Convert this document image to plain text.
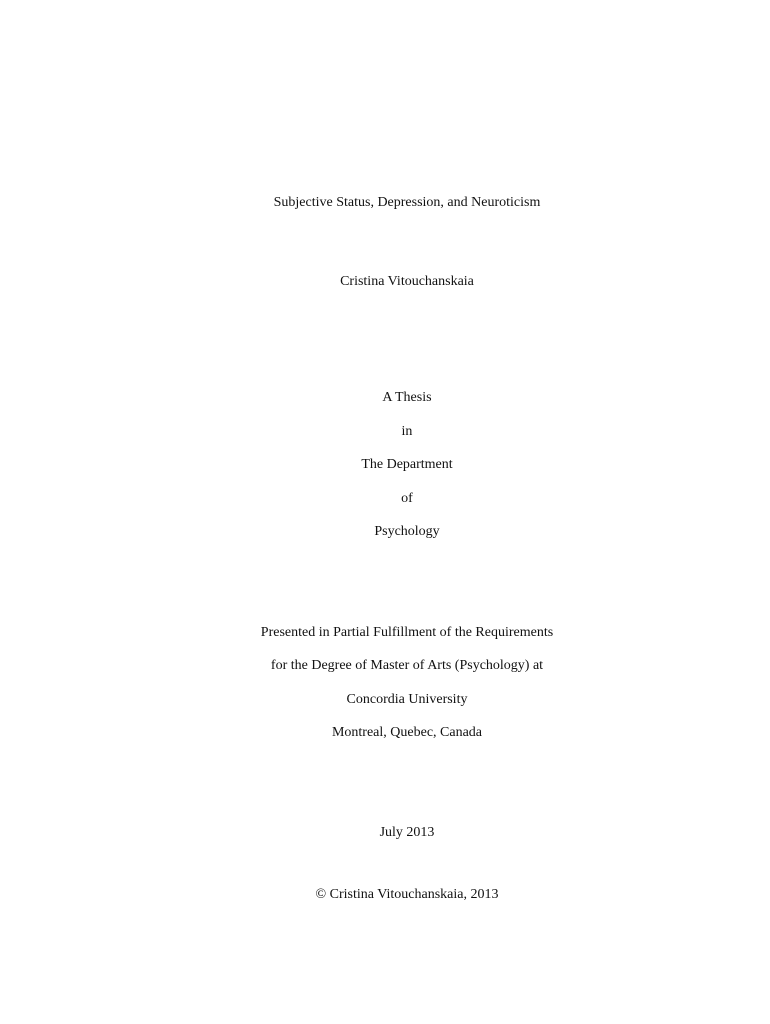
Subjective Status, Depression, and Neuroticism
Cristina Vitouchanskaia
A Thesis
in
The Department
of
Psychology
Presented in Partial Fulfillment of the Requirements
for the Degree of Master of Arts (Psychology) at
Concordia University
Montreal, Quebec, Canada
July 2013
© Cristina Vitouchanskaia, 2013
